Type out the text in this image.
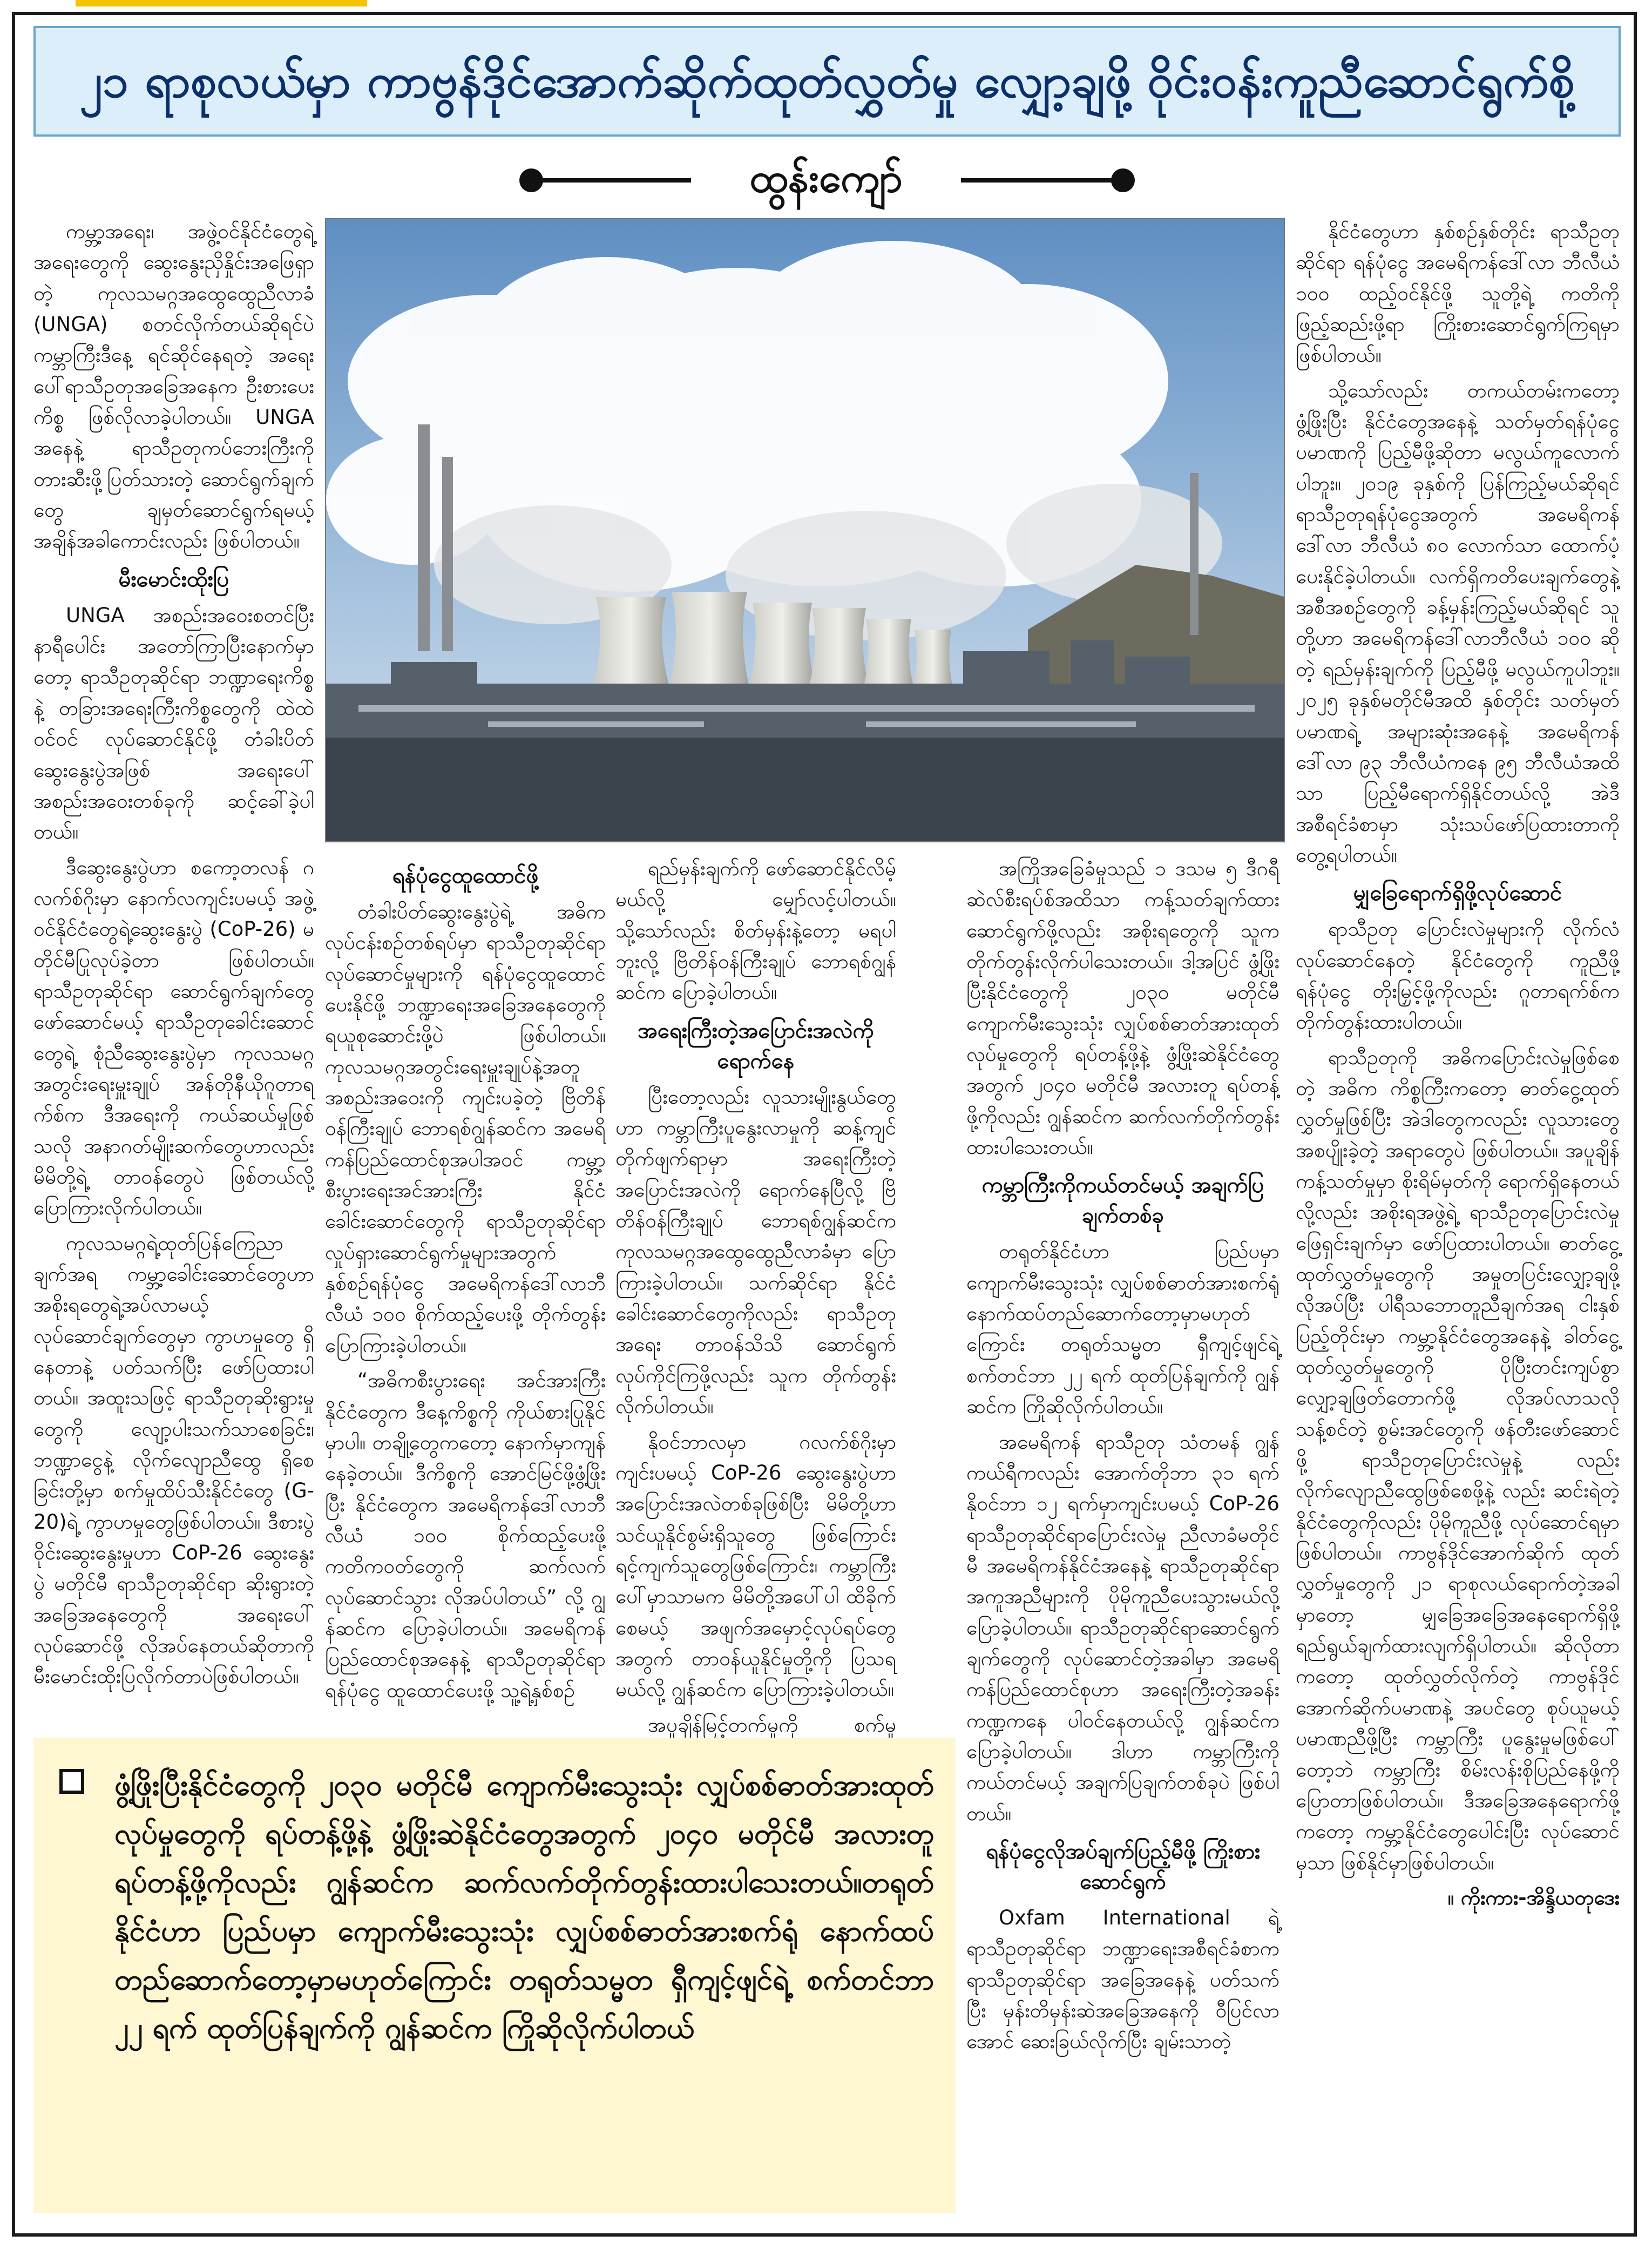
၂၁ ရာစုလယ်မှာ ကာဗွန်ဒိုင်အောက်ဆိုက်ထုတ်လွှတ်မှု လျှော့ချဖို့ ဝိုင်းဝန်းကူညီဆောင်ရွက်စို့
ထွန်းကျော်

ကမ္ဘာ့အရေး၊ အဖွဲ့ဝင်နိုင်ငံတွေရဲ့ အရေးတွေကို ဆွေးနွေးညှိနှိုင်းအဖြေရှာတဲ့ ကုလသမဂ္ဂအထွေထွေညီလာခံ (UNGA) စတင်လိုက်တယ်ဆိုရင်ပဲ ကမ္ဘာကြီးဒီနေ့ ရင်ဆိုင်နေရတဲ့ အရေးပေါ်ရာသီဥတုအခြေအနေက ဦးစားပေးကိစ္စ ဖြစ်လိုလာခဲ့ပါတယ်။ UNGA အနေနဲ့ ရာသီဥတုကပ်ဘေးကြီးကို တားဆီးဖို့ပြတ်သားတဲ့ ဆောင်ရွက်ချက်တွေ ချမှတ်ဆောင်ရွက်ရမယ့် အချိန်အခါကောင်းလည်း ဖြစ်ပါတယ်။

မီးမောင်းထိုးပြ

UNGA အစည်းအဝေးစတင်ပြီး နာရီပေါင်း အတော်ကြာပြီးနောက်မှာတော့ ရာသီဥတုဆိုင်ရာ ဘဏ္ဍာရေးကိစ္စနဲ့ တခြားအရေးကြီးကိစ္စတွေကို ထဲထဲဝင်ဝင် လုပ်ဆောင်နိုင်ဖို့ တံခါးပိတ်ဆွေးနွေးပွဲအဖြစ် အရေးပေါ် အစည်းအဝေးတစ်ခုကို ဆင့်ခေါ်ခဲ့ပါတယ်။

ဒီဆွေးနွေးပွဲဟာ စကော့တလန် ဂလက်စ်ဂိုးမှာ နောက်လကျင်းပမယ့် အဖွဲ့ဝင်နိုင်ငံတွေရဲ့ဆွေးနွေးပွဲ (CoP-26) မတိုင်မီပြုလုပ်ခဲ့တာ ဖြစ်ပါတယ်။ ရာသီဥတုဆိုင်ရာ ဆောင်ရွက်ချက်တွေ ဖော်ဆောင်မယ့် ရာသီဥတုခေါင်းဆောင်တွေရဲ့ စုံညီဆွေးနွေးပွဲမှာ ကုလသမဂ္ဂအတွင်းရေးမှူးချုပ် အန်တိုနီယိုဂူတာရက်စ်က ဒီအရေးကို ကယ်ဆယ်မှုဖြစ်သလို အနာဂတ်မျိုးဆက်တွေဟာလည်း မိမိတို့ရဲ့ တာဝန်တွေပဲ ဖြစ်တယ်လို့ ပြောကြားလိုက်ပါတယ်။

ကုလသမဂ္ဂရဲ့ထုတ်ပြန်ကြေညာချက်အရ ကမ္ဘာ့ခေါင်းဆောင်တွေဟာ အစိုးရတွေရဲ့အပ်လာမယ့် လုပ်ဆောင်ချက်တွေမှာ ကွာဟမှုတွေ ရှိနေတာနဲ့ ပတ်သက်ပြီး ဖော်ပြထားပါတယ်။ အထူးသဖြင့် ရာသီဥတုဆိုးရွားမှုတွေကို လျော့ပါးသက်သာစေခြင်း၊ ဘဏ္ဍာငွေနဲ့ လိုက်လျောညီထွေ ရှိစေခြင်းတို့မှာ စက်မှုထိပ်သီးနိုင်ငံတွေ (G-20)ရဲ့ ကွာဟမှုတွေဖြစ်ပါတယ်။ ဒီစားပွဲဝိုင်းဆွေးနွေးမှုဟာ CoP-26 ဆွေးနွေးပွဲ မတိုင်မီ ရာသီဥတုဆိုင်ရာ ဆိုးရွားတဲ့ အခြေအနေတွေကို အရေးပေါ်လုပ်ဆောင်ဖို့ လိုအပ်နေတယ်ဆိုတာကို မီးမောင်းထိုးပြလိုက်တာပဲဖြစ်ပါတယ်။

ရန်ပုံငွေထူထောင်ဖို့

တံခါးပိတ်ဆွေးနွေးပွဲရဲ့ အဓိကလုပ်ငန်းစဉ်တစ်ရပ်မှာ ရာသီဥတုဆိုင်ရာ လုပ်ဆောင်မှုများကို ရန်ပုံငွေထူထောင်ပေးနိုင်ဖို့ ဘဏ္ဍာရေးအခြေအနေတွေကို ရယူစုဆောင်းဖို့ပဲ ဖြစ်ပါတယ်။ ကုလသမဂ္ဂအတွင်းရေးမှူးချုပ်နဲ့အတူ အစည်းအဝေးကို ကျင်းပခဲ့တဲ့ ဗြိတိန်ဝန်ကြီးချုပ် ဘောရစ်ဂျွန်ဆင်က အမေရိကန်ပြည်ထောင်စုအပါအဝင် ကမ္ဘာ့စီးပွားရေးအင်အားကြီး နိုင်ငံခေါင်းဆောင်တွေကို ရာသီဥတုဆိုင်ရာ လှုပ်ရှားဆောင်ရွက်မှုများအတွက် နှစ်စဉ်ရန်ပုံငွေ အမေရိကန်ဒေါ်လာဘီလီယံ ၁၀၀ စိုက်ထည့်ပေးဖို့ တိုက်တွန်းပြောကြားခဲ့ပါတယ်။

“အဓိကစီးပွားရေး အင်အားကြီးနိုင်ငံတွေက ဒီနေ့ကိစ္စကို ကိုယ်စားပြုနိုင်မှာပါ။ တချို့တွေကတော့ နောက်မှာကျန်နေခဲ့တယ်။ ဒီကိစ္စကို အောင်မြင်ဖို့ဖွံ့ဖြိုးပြီး နိုင်ငံတွေက အမေရိကန်ဒေါ်လာဘီလီယံ ၁၀၀ စိုက်ထည့်ပေးဖို့ ကတိကဝတ်တွေကို ဆက်လက်လုပ်ဆောင်သွား လိုအပ်ပါတယ်” လို့ ဂျွန်ဆင်က ပြောခဲ့ပါတယ်။ အမေရိကန်ပြည်ထောင်စုအနေနဲ့ ရာသီဥတုဆိုင်ရာ ရန်ပုံငွေ ထူထောင်ပေးဖို့ သူ့ရဲ့နှစ်စဉ်

ရည်မှန်းချက်ကို ဖော်ဆောင်နိုင်လိမ့်မယ်လို့ မျှော်လင့်ပါတယ်။ သို့သော်လည်း စိတ်မှန်းနဲ့တော့ မရပါဘူးလို့ ဗြိတိန်ဝန်ကြီးချုပ် ဘောရစ်ဂျွန်ဆင်က ပြောခဲ့ပါတယ်။

အရေးကြီးတဲ့အပြောင်းအလဲကို ရောက်နေ

ပြီးတော့လည်း လူသားမျိုးနွယ်တွေဟာ ကမ္ဘာကြီးပူနွေးလာမှုကို ဆန့်ကျင်တိုက်ဖျက်ရာမှာ အရေးကြီးတဲ့ အပြောင်းအလဲကို ရောက်နေပြီလို့ ဗြိတိန်ဝန်ကြီးချုပ် ဘောရစ်ဂျွန်ဆင်က ကုလသမဂ္ဂအထွေထွေညီလာခံမှာ ပြောကြားခဲ့ပါတယ်။ သက်ဆိုင်ရာ နိုင်ငံခေါင်းဆောင်တွေကိုလည်း ရာသီဥတုအရေး တာဝန်သိသိ ဆောင်ရွက်လုပ်ကိုင်ကြဖို့လည်း သူက တိုက်တွန်းလိုက်ပါတယ်။

နိုဝင်ဘာလမှာ ဂလက်စ်ဂိုးမှာ ကျင်းပမယ့် CoP-26 ဆွေးနွေးပွဲဟာ အပြောင်းအလဲတစ်ခုဖြစ်ပြီး မိမိတို့ဟာ သင်ယူနိုင်စွမ်းရှိသူတွေ ဖြစ်ကြောင်း ရင့်ကျက်သူတွေဖြစ်ကြောင်း၊ ကမ္ဘာကြီးပေါ်မှာသာမက မိမိတို့အပေါ်ပါ ထိခိုက်စေမယ့် အဖျက်အမှောင့်လုပ်ရပ်တွေအတွက် တာဝန်ယူနိုင်မှုတို့ကို ပြသရမယ်လို့ ဂျွန်ဆင်က ပြောကြားခဲ့ပါတယ်။

အပူချိန်မြင့်တက်မှုကို စက်မှု

အကြိုအခြေခံမှုသည် ၁ ဒသမ ၅ ဒီဂရီဆဲလ်စီးရပ်စ်အထိသာ ကန့်သတ်ချက်ထားဆောင်ရွက်ဖို့လည်း အစိုးရတွေကို သူက တိုက်တွန်းလိုက်ပါသေးတယ်။ ဒါ့အပြင် ဖွံ့ဖြိုးပြီးနိုင်ငံတွေကို ၂၀၃၀ မတိုင်မီ ကျောက်မီးသွေးသုံး လျှပ်စစ်ဓာတ်အားထုတ်လုပ်မှုတွေကို ရပ်တန့်ဖို့နဲ့ ဖွံ့ဖြိုးဆဲနိုင်ငံတွေအတွက် ၂၀၄၀ မတိုင်မီ အလားတူ ရပ်တန့်ဖို့ကိုလည်း ဂျွန်ဆင်က ဆက်လက်တိုက်တွန်းထားပါသေးတယ်။

ကမ္ဘာကြီးကိုကယ်တင်မယ့် အချက်ပြချက်တစ်ခု

တရုတ်နိုင်ငံဟာ ပြည်ပမှာ ကျောက်မီးသွေးသုံး လျှပ်စစ်ဓာတ်အားစက်ရုံ နောက်ထပ်တည်ဆောက်တော့မှာမဟုတ်ကြောင်း တရုတ်သမ္မတ ရှီကျင့်ဖျင်ရဲ့ စက်တင်ဘာ ၂၂ ရက် ထုတ်ပြန်ချက်ကို ဂျွန်ဆင်က ကြိုဆိုလိုက်ပါတယ်။

အမေရိကန် ရာသီဥတု သံတမန် ဂျွန်ကယ်ရီကလည်း အောက်တိုဘာ ၃၁ ရက် နိုဝင်ဘာ ၁၂ ရက်မှာကျင်းပမယ့် CoP-26 ရာသီဥတုဆိုင်ရာပြောင်းလဲမှု ညီလာခံမတိုင်မီ အမေရိကန်နိုင်ငံအနေနဲ့ ရာသီဥတုဆိုင်ရာ အကူအညီများကို ပိုမိုကူညီပေးသွားမယ်လို့ ပြောခဲ့ပါတယ်။ ရာသီဥတုဆိုင်ရာဆောင်ရွက်ချက်တွေကို လုပ်ဆောင်တဲ့အခါမှာ အမေရိကန်ပြည်ထောင်စုဟာ အရေးကြီးတဲ့အခန်းကဏ္ဍကနေ ပါဝင်နေတယ်လို့ ဂျွန်ဆင်က ပြောခဲ့ပါတယ်။ ဒါဟာ ကမ္ဘာကြီးကို ကယ်တင်မယ့် အချက်ပြချက်တစ်ခုပဲ ဖြစ်ပါတယ်။

ရန်ပုံငွေလိုအပ်ချက်ပြည့်မီဖို့ ကြိုးစားဆောင်ရွက်

Oxfam International ရဲ့ ရာသီဥတုဆိုင်ရာ ဘဏ္ဍာရေးအစီရင်ခံစာက ရာသီဥတုဆိုင်ရာ အခြေအနေနဲ့ ပတ်သက်ပြီး မှန်းတိမှန်းဆဲအခြေအနေကို ဝီပြင်လာအောင် ဆေးခြယ်လိုက်ပြီး ချမ်းသာတဲ့

နိုင်ငံတွေဟာ နှစ်စဉ်နှစ်တိုင်း ရာသီဥတုဆိုင်ရာ ရန်ပုံငွေ အမေရိကန်ဒေါ်လာ ဘီလီယံ ၁၀၀ ထည့်ဝင်နိုင်ဖို့ သူတို့ရဲ့ ကတိကို ဖြည့်ဆည်းဖို့ရာ ကြိုးစားဆောင်ရွက်ကြရမှာ ဖြစ်ပါတယ်။

သို့သော်လည်း တကယ်တမ်းကတော့ ဖွံ့ဖြိုးပြီး နိုင်ငံတွေအနေနဲ့ သတ်မှတ်ရန်ပုံငွေပမာဏကို ပြည့်မီဖို့ဆိုတာ မလွယ်ကူလောက်ပါဘူး။ ၂၀၁၉ ခုနှစ်ကို ပြန်ကြည့်မယ်ဆိုရင် ရာသီဥတုရန်ပုံငွေအတွက် အမေရိကန်ဒေါ်လာ ဘီလီယံ ၈၀ လောက်သာ ထောက်ပံ့ပေးနိုင်ခဲ့ပါတယ်။ လက်ရှိကတိပေးချက်တွေနဲ့ အစီအစဉ်တွေကို ခန့်မှန်းကြည့်မယ်ဆိုရင် သူတို့ဟာ အမေရိကန်ဒေါ်လာဘီလီယံ ၁၀၀ ဆိုတဲ့ ရည်မှန်းချက်ကို ပြည့်မီဖို့ မလွယ်ကူပါဘူး။ ၂၀၂၅ ခုနှစ်မတိုင်မီအထိ နှစ်တိုင်း သတ်မှတ်ပမာဏရဲ့ အများဆုံးအနေနဲ့ အမေရိကန်ဒေါ်လာ ၉၃ ဘီလီယံကနေ ၉၅ ဘီလီယံအထိသာ ပြည့်မီရောက်ရှိနိုင်တယ်လို့ အဲဒီအစီရင်ခံစာမှာ သုံးသပ်ဖော်ပြထားတာကို တွေ့ရပါတယ်။

မျှခြေရောက်ရှိဖို့လုပ်ဆောင်

ရာသီဥတု ပြောင်းလဲမှုများကို လိုက်လံလုပ်ဆောင်နေတဲ့ နိုင်ငံတွေကို ကူညီဖို့ ရန်ပုံငွေ တိုးမြှင့်ဖို့ကိုလည်း ဂူတာရက်စ်က တိုက်တွန်းထားပါတယ်။

ရာသီဥတုကို အဓိကပြောင်းလဲမှုဖြစ်စေတဲ့ အဓိက ကိစ္စကြီးကတော့ ဓာတ်ငွေ့ထုတ်လွှတ်မှုဖြစ်ပြီး အဲဒါတွေကလည်း လူသားတွေအစပျိုးခဲ့တဲ့ အရာတွေပဲ ဖြစ်ပါတယ်။ အပူချိန်ကန့်သတ်မှုမှာ စိုးရိမ်မှတ်ကို ရောက်ရှိနေတယ်လို့လည်း အစိုးရအဖွဲ့ရဲ့ ရာသီဥတုပြောင်းလဲမှုဖြေရှင်းချက်မှာ ဖော်ပြထားပါတယ်။ ဓာတ်ငွေ့ထုတ်လွှတ်မှုတွေကို အမှုတပြင်းလျှော့ချဖို့လိုအပ်ပြီး ပါရီသဘောတူညီချက်အရ ငါးနှစ်ပြည့်တိုင်းမှာ ကမ္ဘာ့နိုင်ငံတွေအနေနဲ့ ခါတ်ငွေ့ထုတ်လွှတ်မှုတွေကို ပိုပြီးတင်းကျပ်စွာ လျှော့ချဖြတ်တောက်ဖို့ လိုအပ်လာသလို သန့်စင်တဲ့ စွမ်းအင်တွေကို ဖန်တီးဖော်ဆောင်ဖို့ ရာသီဥတုပြောင်းလဲမှုနဲ့ လည်း လိုက်လျောညီထွေဖြစ်စေဖို့နဲ့ လည်း ဆင်းရဲတဲ့ နိုင်ငံတွေကိုလည်း ပိုမိုကူညီဖို့ လုပ်ဆောင်ရမှာ ဖြစ်ပါတယ်။ ကာဗွန်ဒိုင်အောက်ဆိုက် ထုတ်လွှတ်မှုတွေကို ၂၁ ရာစုလယ်ရောက်တဲ့အခါမှာတော့ မျှခြေအခြေအနေရောက်ရှိဖို့ ရည်ရွယ်ချက်ထားလျက်ရှိပါတယ်။ ဆိုလိုတာကတော့ ထုတ်လွှတ်လိုက်တဲ့ ကာဗွန်ဒိုင်အောက်ဆိုက်ပမာဏနဲ့ အပင်တွေ စုပ်ယူမယ့်ပမာဏညီဖို့ပြီး ကမ္ဘာကြီး ပူနွေးမှုမဖြစ်ပေါ်တော့ဘဲ ကမ္ဘာကြီး စိမ်းလန်းစိုပြည်နေဖို့ကို ပြောတာဖြစ်ပါတယ်။ ဒီအခြေအနေရောက်ဖို့ကတော့ ကမ္ဘာ့နိုင်ငံတွေပေါင်းပြီး လုပ်ဆောင်မှသာ ဖြစ်နိုင်မှာဖြစ်ပါတယ်။

။ ကိုးကား-အိန္ဒိယတုဒေး

ဖွံ့ဖြိုးပြီးနိုင်ငံတွေကို ၂၀၃၀ မတိုင်မီ ကျောက်မီးသွေးသုံး လျှပ်စစ်ဓာတ်အားထုတ်လုပ်မှုတွေကို ရပ်တန့်ဖို့နဲ့ ဖွံ့ဖြိုးဆဲနိုင်ငံတွေအတွက် ၂၀၄၀ မတိုင်မီ အလားတူ ရပ်တန့်ဖို့ကိုလည်း ဂျွန်ဆင်က ဆက်လက်တိုက်တွန်းထားပါသေးတယ်။တရုတ်နိုင်ငံဟာ ပြည်ပမှာ ကျောက်မီးသွေးသုံး လျှပ်စစ်ဓာတ်အားစက်ရုံ နောက်ထပ်တည်ဆောက်တော့မှာမဟုတ်ကြောင်း တရုတ်သမ္မတ ရှီကျင့်ဖျင်ရဲ့ စက်တင်ဘာ ၂၂ ရက် ထုတ်ပြန်ချက်ကို ဂျွန်ဆင်က ကြိုဆိုလိုက်ပါတယ်
